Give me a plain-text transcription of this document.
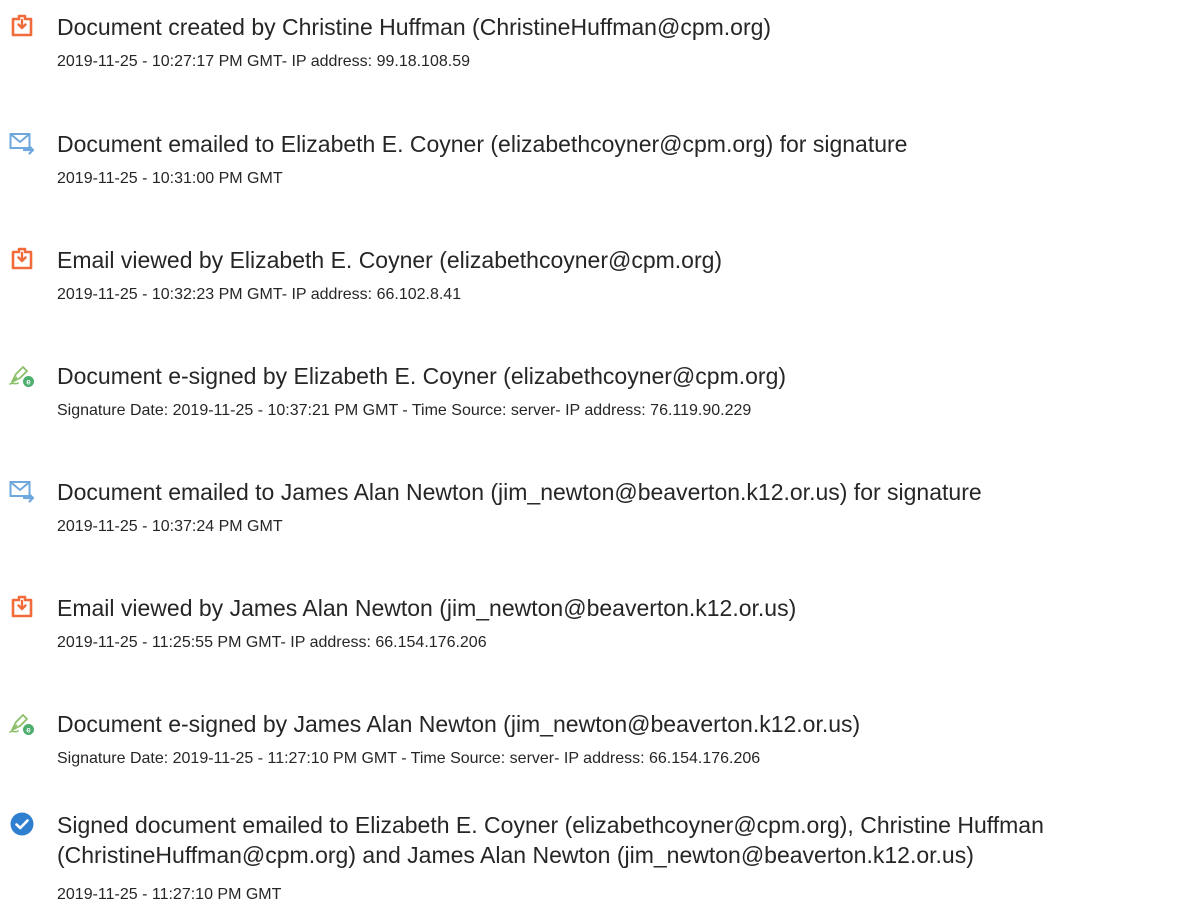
Document created by Christine Huffman (ChristineHuffman@cpm.org)
2019-11-25 - 10:27:17 PM GMT- IP address: 99.18.108.59
Document emailed to Elizabeth E. Coyner (elizabethcoyner@cpm.org) for signature
2019-11-25 - 10:31:00 PM GMT
Email viewed by Elizabeth E. Coyner (elizabethcoyner@cpm.org)
2019-11-25 - 10:32:23 PM GMT- IP address: 66.102.8.41
e Document e-signed by Elizabeth E. Coyner (elizabethcoyner@cpm.org)
Signature Date: 2019-11-25 - 10:37:21 PM GMT - Time Source: server- IP address: 76.119.90.229
Document emailed to James Alan Newton (jim_newton@beaverton.k12.or.us) for signature
2019-11-25 - 10:37:24 PM GMT
Email viewed by James Alan Newton (jim_newton@beaverton.k12.or.us)
2019-11-25 - 11:25:55 PM GMT- IP address: 66.154.176.206
e Document e-signed by James Alan Newton (jim_newton@beaverton.k12.or.us)
Signature Date: 2019-11-25 - 11:27:10 PM GMT - Time Source: server- IP address: 66.154.176.206
Signed document emailed to Elizabeth E. Coyner (elizabethcoyner@cpm.org), Christine Huffman (ChristineHuffman@cpm.org) and James Alan Newton (jim_newton@beaverton.k12.or.us)
2019-11-25 - 11:27:10 PM GMT
